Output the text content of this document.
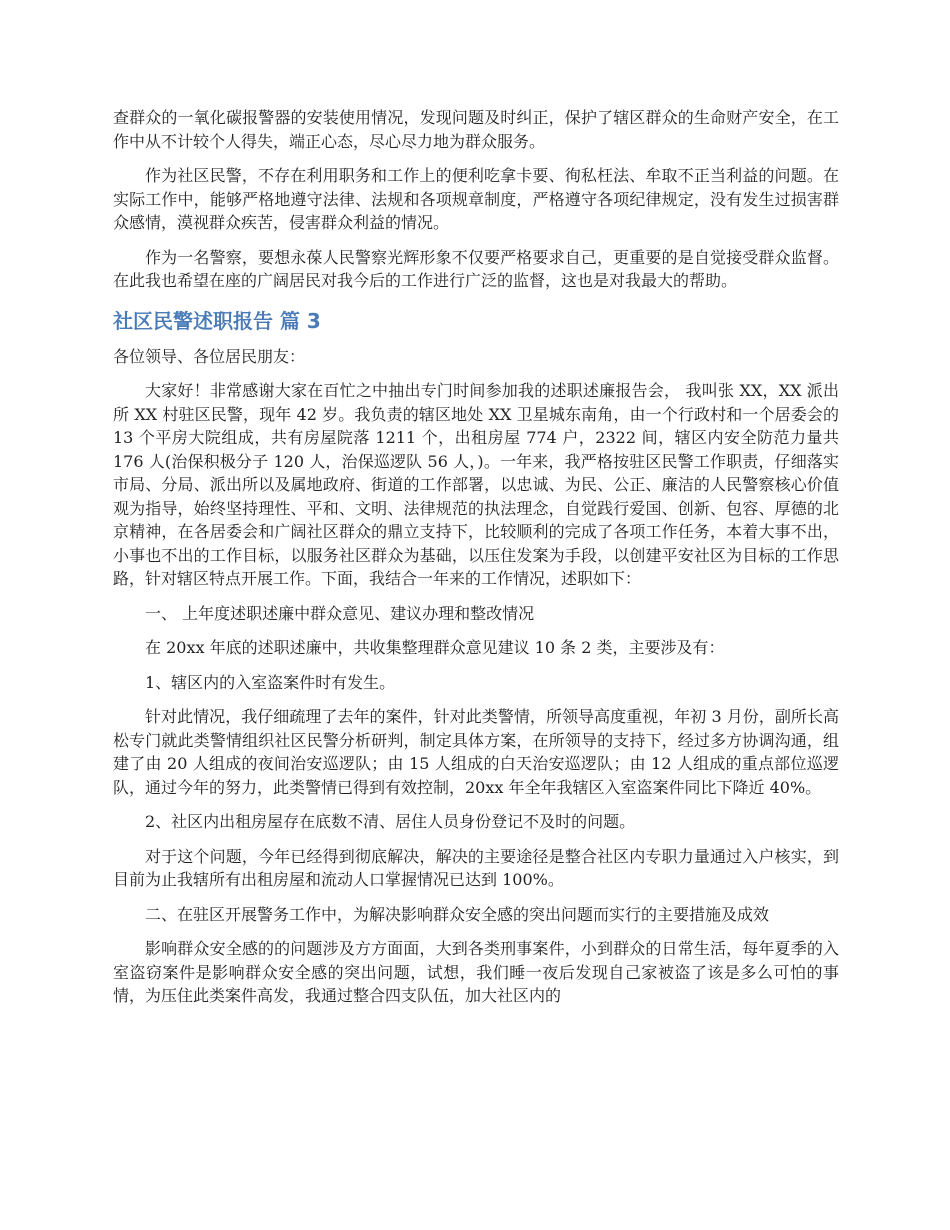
查群众的一氧化碳报警器的安装使用情况，发现问题及时纠正，保护了辖区群众的生命财产安全，在工作中从不计较个人得失，端正心态，尽心尽力地为群众服务。

作为社区民警，不存在利用职务和工作上的便利吃拿卡要、徇私枉法、牟取不正当利益的问题。在实际工作中，能够严格地遵守法律、法规和各项规章制度，严格遵守各项纪律规定，没有发生过损害群众感情，漠视群众疾苦，侵害群众利益的情况。

作为一名警察，要想永葆人民警察光辉形象不仅要严格要求自己，更重要的是自觉接受群众监督。在此我也希望在座的广阔居民对我今后的工作进行广泛的监督，这也是对我最大的帮助。

社区民警述职报告 篇 3

各位领导、各位居民朋友：

大家好！非常感谢大家在百忙之中抽出专门时间参加我的述职述廉报告会， 我叫张 XX，XX 派出所 XX 村驻区民警，现年 42 岁。我负责的辖区地处 XX 卫星城东南角，由一个行政村和一个居委会的 13 个平房大院组成，共有房屋院落 1211 个，出租房屋 774 户，2322 间，辖区内安全防范力量共 176 人(治保积极分子 120 人，治保巡逻队 56 人，)。一年来，我严格按驻区民警工作职责，仔细落实市局、分局、派出所以及属地政府、街道的工作部署，以忠诚、为民、公正、廉洁的人民警察核心价值观为指导，始终坚持理性、平和、文明、法律规范的执法理念，自觉践行爱国、创新、包容、厚德的北京精神，在各居委会和广阔社区群众的鼎立支持下，比较顺利的完成了各项工作任务，本着大事不出，小事也不出的工作目标，以服务社区群众为基础，以压住发案为手段，以创建平安社区为目标的工作思路，针对辖区特点开展工作。下面，我结合一年来的工作情况，述职如下：

一、 上年度述职述廉中群众意见、建议办理和整改情况

在 20xx 年底的述职述廉中，共收集整理群众意见建议 10 条 2 类，主要涉及有：

1、辖区内的入室盗案件时有发生。

针对此情况，我仔细疏理了去年的案件，针对此类警情，所领导高度重视，年初 3 月份，副所长高松专门就此类警情组织社区民警分析研判，制定具体方案，在所领导的支持下，经过多方协调沟通，组建了由 20 人组成的夜间治安巡逻队；由 15 人组成的白天治安巡逻队；由 12 人组成的重点部位巡逻队，通过今年的努力，此类警情已得到有效控制，20xx 年全年我辖区入室盗案件同比下降近 40%。

2、社区内出租房屋存在底数不清、居住人员身份登记不及时的问题。

对于这个问题，今年已经得到彻底解决，解决的主要途径是整合社区内专职力量通过入户核实，到目前为止我辖所有出租房屋和流动人口掌握情况已达到 100%。

二、在驻区开展警务工作中，为解决影响群众安全感的突出问题而实行的主要措施及成效

影响群众安全感的的问题涉及方方面面，大到各类刑事案件，小到群众的日常生活，每年夏季的入室盗窃案件是影响群众安全感的突出问题，试想，我们睡一夜后发现自己家被盗了该是多么可怕的事情，为压住此类案件高发，我通过整合四支队伍，加大社区内的
